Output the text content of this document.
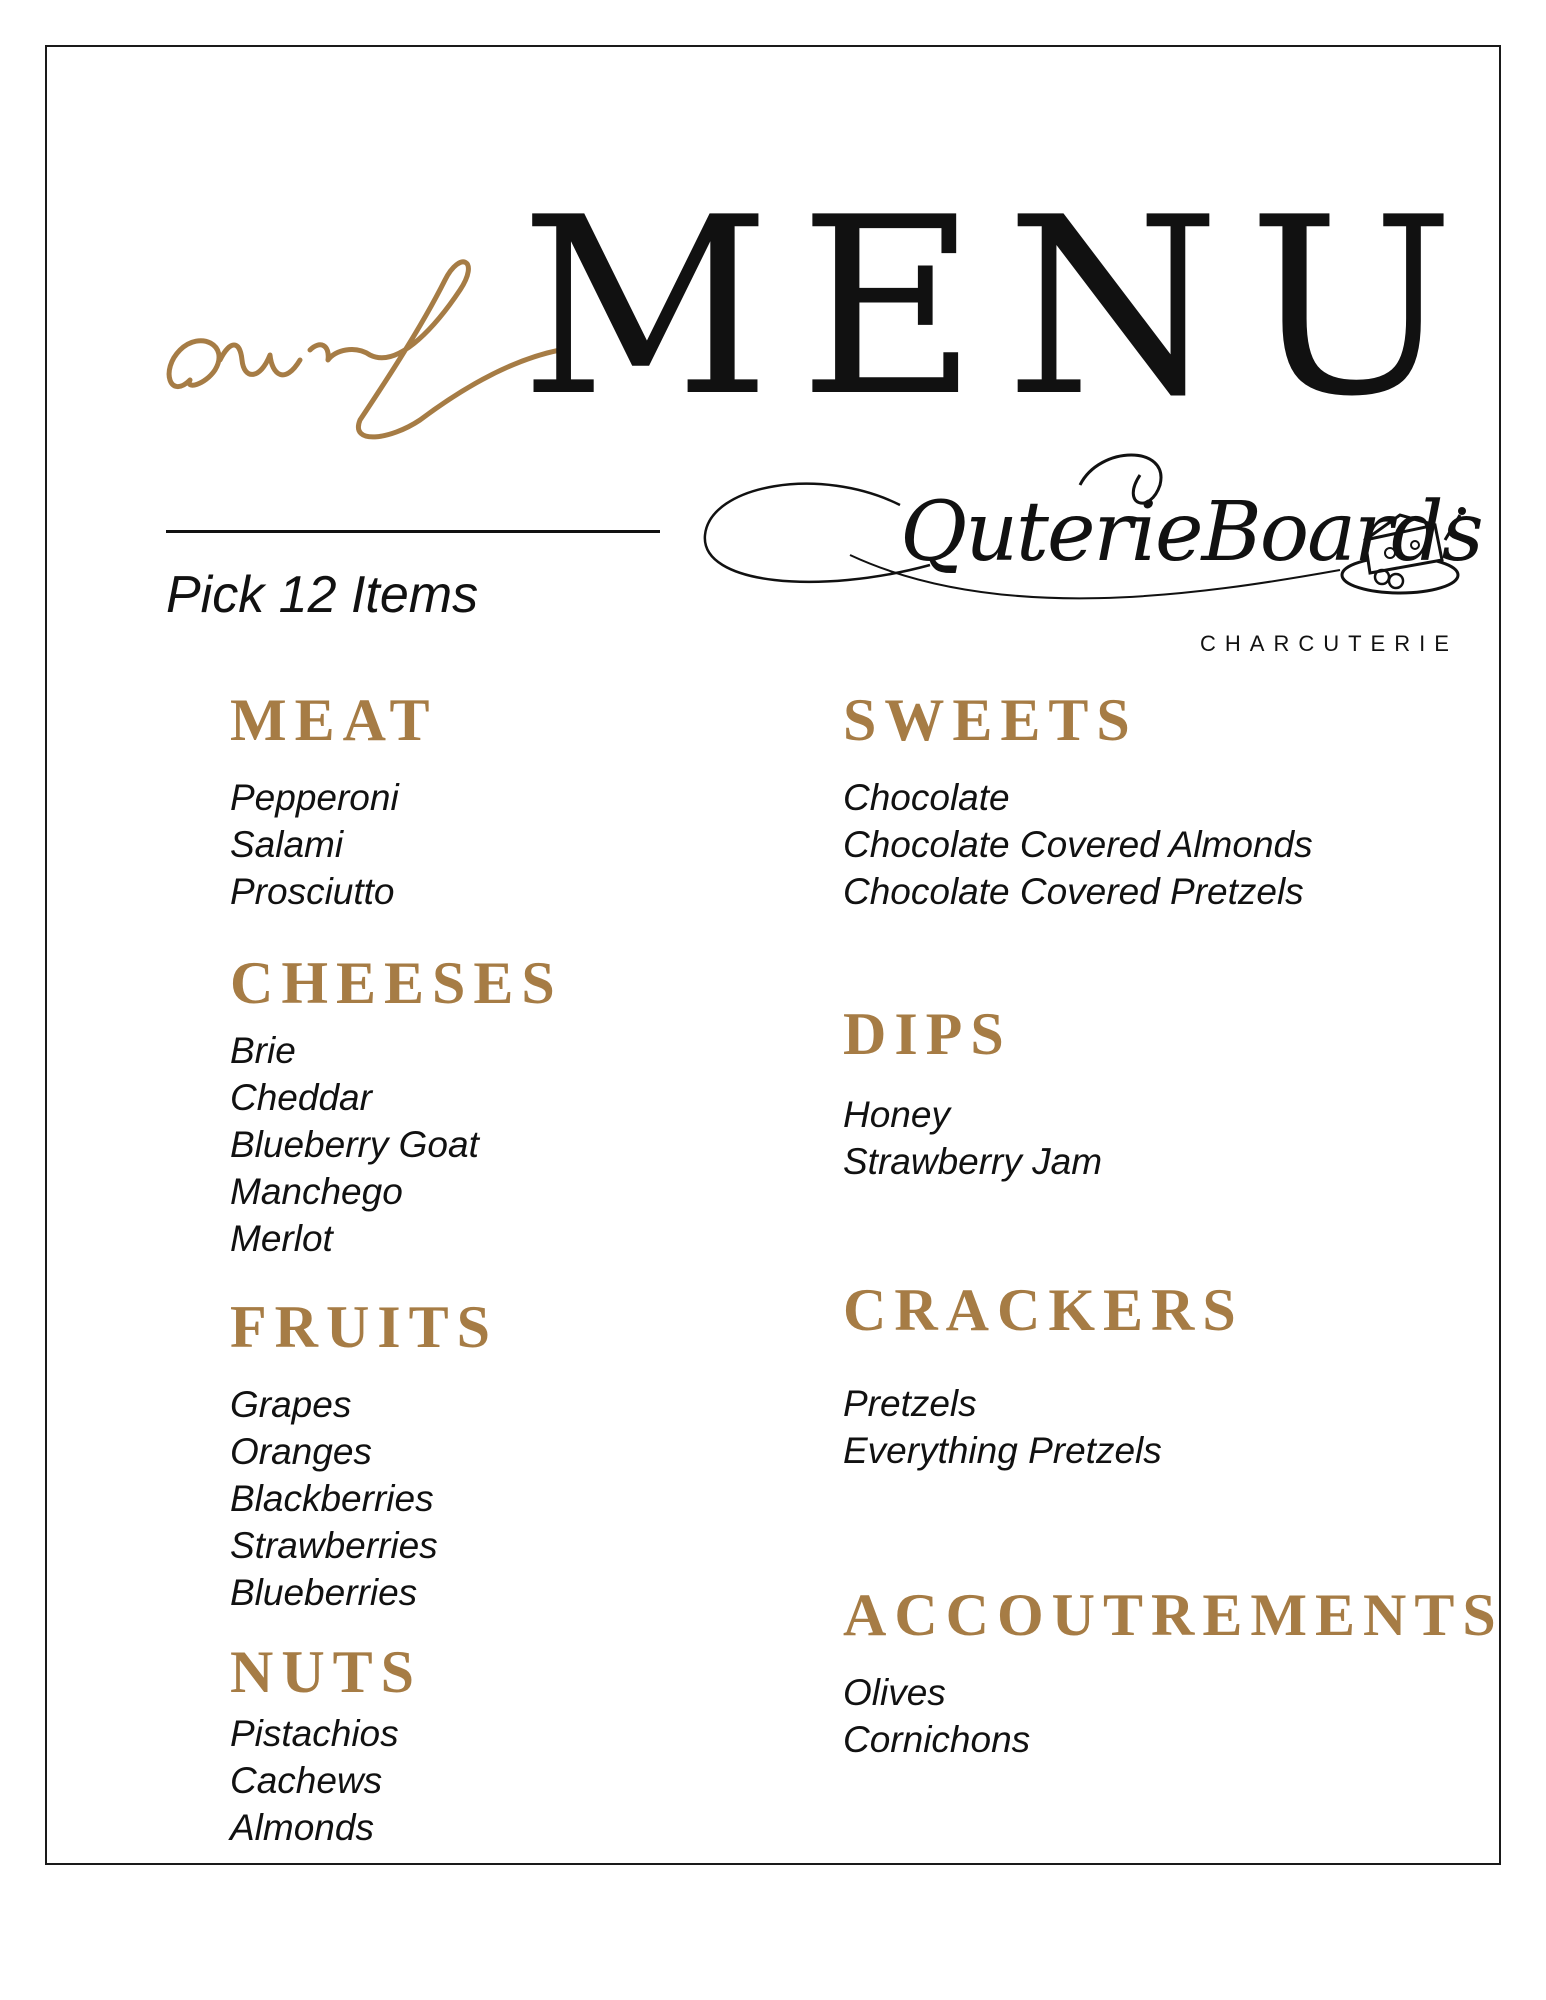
MENU
Pick 12 Items
QuterieBoards
CHARCUTERIE
MEAT
Pepperoni
Salami
Prosciutto
CHEESES
Brie
Cheddar
Blueberry Goat
Manchego
Merlot
FRUITS
Grapes
Oranges
Blackberries
Strawberries
Blueberries
NUTS
Pistachios
Cachews
Almonds
SWEETS
Chocolate
Chocolate Covered Almonds
Chocolate Covered Pretzels
DIPS
Honey
Strawberry Jam
CRACKERS
Pretzels
Everything Pretzels
ACCOUTREMENTS
Olives
Cornichons
